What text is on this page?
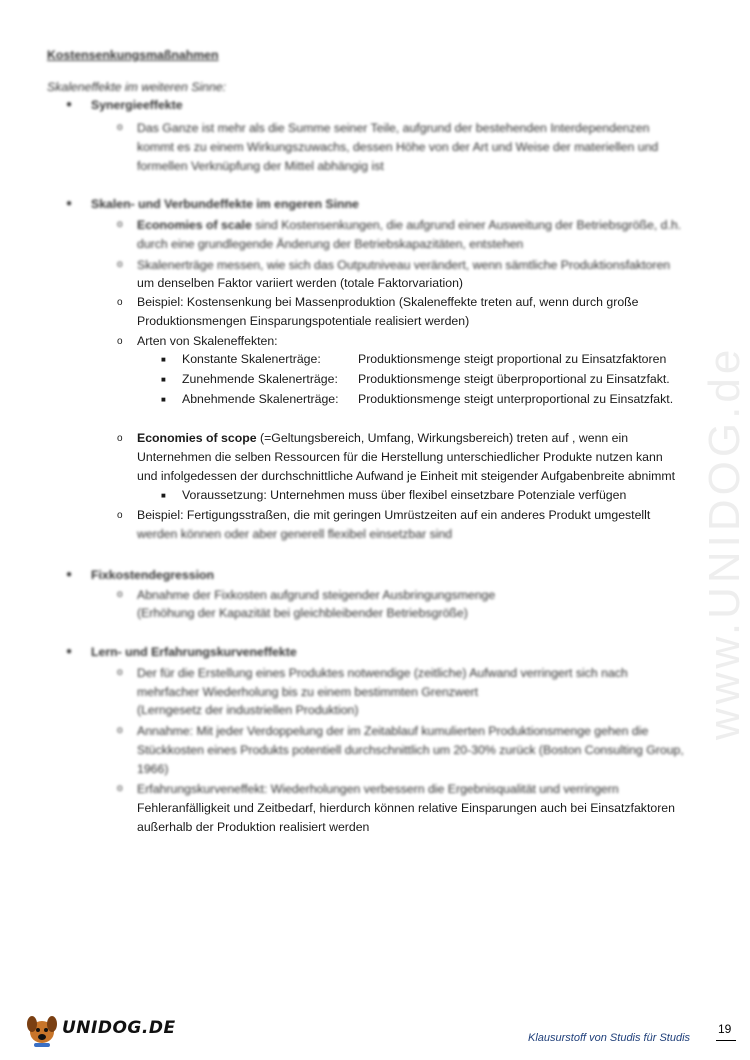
www.UNIDOG.de
Kostensenkungsmaßnahmen
Skaleneffekte im weiteren Sinne:
● Synergieeffekte
o Das Ganze ist mehr als die Summe seiner Teile, aufgrund der bestehenden Interdependenzen
kommt es zu einem Wirkungszuwachs, dessen Höhe von der Art und Weise der materiellen und
formellen Verknüpfung der Mittel abhängig ist
● Skalen- und Verbundeffekte im engeren Sinne
o Economies of scale sind Kostensenkungen, die aufgrund einer Ausweitung der Betriebsgröße, d.h.
durch eine grundlegende Änderung der Betriebskapazitäten, entstehen
o Skalenerträge messen, wie sich das Outputniveau verändert, wenn sämtliche Produktionsfaktoren
um denselben Faktor variiert werden (totale Faktorvariation)
o Beispiel: Kostensenkung bei Massenproduktion (Skaleneffekte treten auf, wenn durch große
Produktionsmengen Einsparungspotentiale realisiert werden)
o Arten von Skaleneffekten:
■ Konstante Skalenerträge:	Produktionsmenge steigt proportional zu Einsatzfaktoren
■ Zunehmende Skalenerträge: Produktionsmenge steigt überproportional zu Einsatzfakt.
■ Abnehmende Skalenerträge: Produktionsmenge steigt unterproportional zu Einsatzfakt.
o Economies of scope (=Geltungsbereich, Umfang, Wirkungsbereich) treten auf , wenn ein
Unternehmen die selben Ressourcen für die Herstellung unterschiedlicher Produkte nutzen kann
und infolgedessen der durchschnittliche Aufwand je Einheit mit steigender Aufgabenbreite abnimmt
■ Voraussetzung: Unternehmen muss über flexibel einsetzbare Potenziale verfügen
o Beispiel: Fertigungsstraßen, die mit geringen Umrüstzeiten auf ein anderes Produkt umgestellt
werden können oder aber generell flexibel einsetzbar sind
● Fixkostendegression
o Abnahme der Fixkosten aufgrund steigender Ausbringungsmenge
(Erhöhung der Kapazität bei gleichbleibender Betriebsgröße)
● Lern- und Erfahrungskurveneffekte
o Der für die Erstellung eines Produktes notwendige (zeitliche) Aufwand verringert sich nach
mehrfacher Wiederholung bis zu einem bestimmten Grenzwert
(Lerngesetz der industriellen Produktion)
o Annahme: Mit jeder Verdoppelung der im Zeitablauf kumulierten Produktionsmenge gehen die
Stückkosten eines Produkts potentiell durchschnittlich um 20-30% zurück (Boston Consulting Group,
1966)
o Erfahrungskurveneffekt: Wiederholungen verbessern die Ergebnisqualität und verringern
Fehleranfälligkeit und Zeitbedarf, hierdurch können relative Einsparungen auch bei Einsatzfaktoren
außerhalb der Produktion realisiert werden
UNIDOG.DE	Klausurstoff von Studis für Studis
19
